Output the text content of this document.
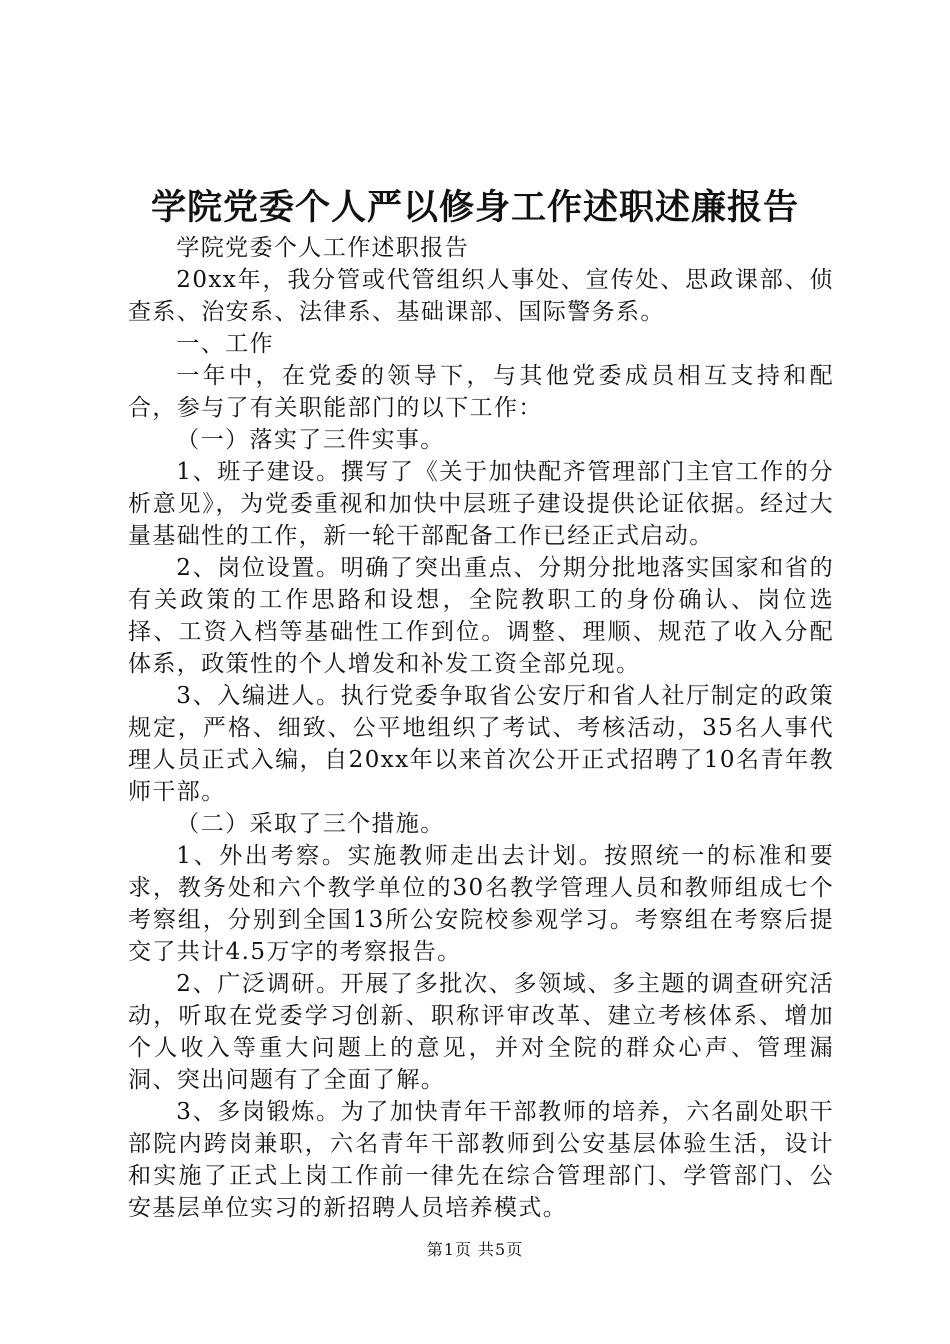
学院党委个人严以修身工作述职述廉报告

学院党委个人工作述职报告

20xx年，我分管或代管组织人事处、宣传处、思政课部、侦查系、治安系、法律系、基础课部、国际警务系。

一、工作

一年中，在党委的领导下，与其他党委成员相互支持和配合，参与了有关职能部门的以下工作：

（一）落实了三件实事。

1、班子建设。撰写了《关于加快配齐管理部门主官工作的分析意见》，为党委重视和加快中层班子建设提供论证依据。经过大量基础性的工作，新一轮干部配备工作已经正式启动。

2、岗位设置。明确了突出重点、分期分批地落实国家和省的有关政策的工作思路和设想，全院教职工的身份确认、岗位选择、工资入档等基础性工作到位。调整、理顺、规范了收入分配体系，政策性的个人增发和补发工资全部兑现。

3、入编进人。执行党委争取省公安厅和省人社厅制定的政策规定，严格、细致、公平地组织了考试、考核活动，35名人事代理人员正式入编，自20xx年以来首次公开正式招聘了10名青年教师干部。

（二）采取了三个措施。

1、外出考察。实施教师走出去计划。按照统一的标准和要求，教务处和六个教学单位的30名教学管理人员和教师组成七个考察组，分别到全国13所公安院校参观学习。考察组在考察后提交了共计4.5万字的考察报告。

2、广泛调研。开展了多批次、多领域、多主题的调查研究活动，听取在党委学习创新、职称评审改革、建立考核体系、增加个人收入等重大问题上的意见，并对全院的群众心声、管理漏洞、突出问题有了全面了解。

3、多岗锻炼。为了加快青年干部教师的培养，六名副处职干部院内跨岗兼职，六名青年干部教师到公安基层体验生活，设计和实施了正式上岗工作前一律先在综合管理部门、学管部门、公安基层单位实习的新招聘人员培养模式。

第1页 共5页
